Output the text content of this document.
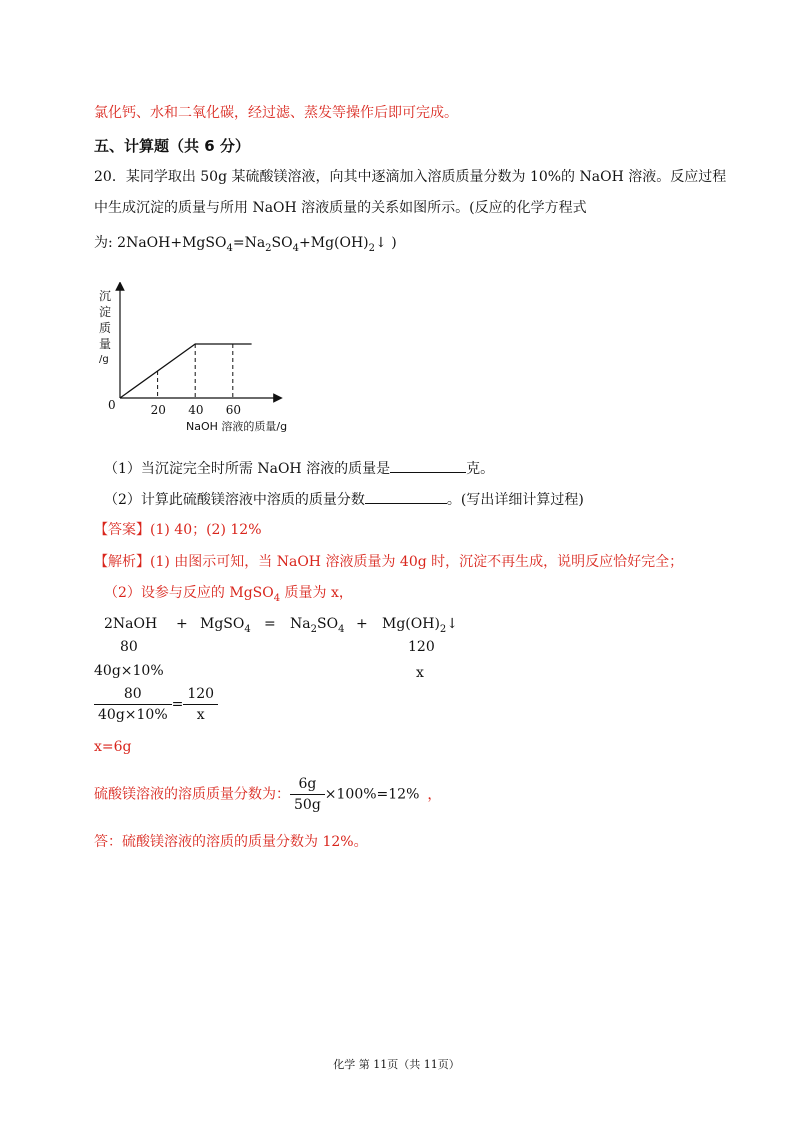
氯化钙、水和二氧化碳，经过滤、蒸发等操作后即可完成。
五、计算题（共 6 分）
20．某同学取出 50g 某硫酸镁溶液，向其中逐滴加入溶质质量分数为 10%的 NaOH 溶液。反应过程
中生成沉淀的质量与所用 NaOH 溶液质量的关系如图所示。(反应的化学方程式
为: $2NaOH+MgSO_4=Na_2SO_4+Mg(OH)_2↓$ )
沉
淀
质
量
/g
0	20 40 60
NaOH 溶液的质量/g
（1）当沉淀完全时所需 NaOH 溶液的质量是	克。
（2）计算此硫酸镁溶液中溶质的质量分数	。(写出详细计算过程)
【答案】(1) 40；(2) 12%
【解析】(1) 由图示可知，当 NaOH 溶液质量为 40g 时，沉淀不再生成，说明反应恰好完全；
（2）设参与反应的 MgSO$_4$ 质量为 x，
2NaOH + MgSO$_4$ = $Na_2SO_4$ + $Mg(OH)_2↓$
80	120
40g×10%	x
$\frac{80}{40g\times 10\%} = \frac{120}{x}$
x=6g
硫酸镁溶液的溶质质量分数为： $\frac{6g}{50g} \times 100\%=12\%$ ，
答：硫酸镁溶液的溶质的质量分数为 12%。
化学 第 11页（共 11页）
